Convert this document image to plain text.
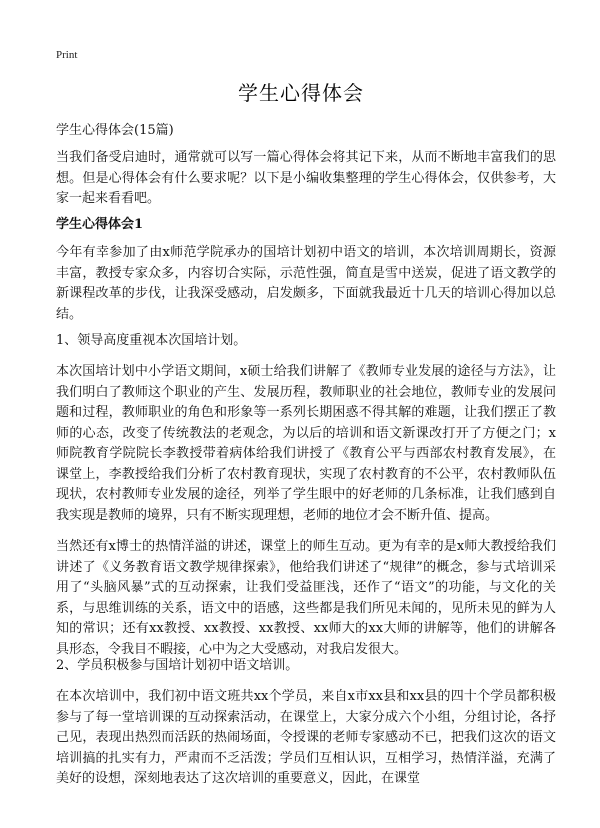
Print
学生心得体会

学生心得体会(15篇)

当我们备受启迪时，通常就可以写一篇心得体会将其记下来，从而不断地丰富我们的思想。但是心得体会有什么要求呢？以下是小编收集整理的学生心得体会，仅供参考，大家一起来看看吧。

学生心得体会1

今年有幸参加了由x师范学院承办的国培计划初中语文的培训，本次培训周期长，资源丰富，教授专家众多，内容切合实际，示范性强，简直是雪中送炭，促进了语文教学的新课程改革的步伐，让我深受感动，启发颇多，下面就我最近十几天的培训心得加以总结。

1、领导高度重视本次国培计划。

本次国培计划中小学语文期间，x硕士给我们讲解了《教师专业发展的途径与方法》，让我们明白了教师这个职业的产生、发展历程，教师职业的社会地位，教师专业的发展问题和过程，教师职业的角色和形象等一系列长期困惑不得其解的难题，让我们摆正了教师的心态，改变了传统教法的老观念，为以后的培训和语文新课改打开了方便之门；x师院教育学院院长李教授带着病体给我们讲授了《教育公平与西部农村教育发展》，在课堂上，李教授给我们分析了农村教育现状，实现了农村教育的不公平，农村教师队伍现状，农村教师专业发展的途径，列举了学生眼中的好老师的几条标准，让我们感到自我实现是教师的境界，只有不断实现理想，老师的地位才会不断升值、提高。

当然还有x博士的热情洋溢的讲述，课堂上的师生互动。更为有幸的是x师大教授给我们讲述了《义务教育语文教学规律探索》，他给我们讲述了“规律”的概念，参与式培训采用了“头脑风暴”式的互动探索，让我们受益匪浅，还作了“语文”的功能，与文化的关系，与思维训练的关系，语文中的语感，这些都是我们所见未闻的，见所未见的鲜为人知的常识；还有xx教授、xx教授、xx教授、xx师大的xx大师的讲解等，他们的讲解各具形态，令我目不暇接，心中为之大受感动，对我启发很大。

2、学员积极参与国培计划初中语文培训。

在本次培训中，我们初中语文班共xx个学员，来自x市xx县和xx县的四十个学员都积极参与了每一堂培训课的互动探索活动，在课堂上，大家分成六个小组，分组讨论，各抒己见，表现出热烈而活跃的热闹场面，令授课的老师专家感动不已，把我们这次的语文培训搞的扎实有力，严肃而不乏活泼；学员们互相认识，互相学习，热情洋溢，充满了美好的设想，深刻地表达了这次培训的重要意义，因此，在课堂
